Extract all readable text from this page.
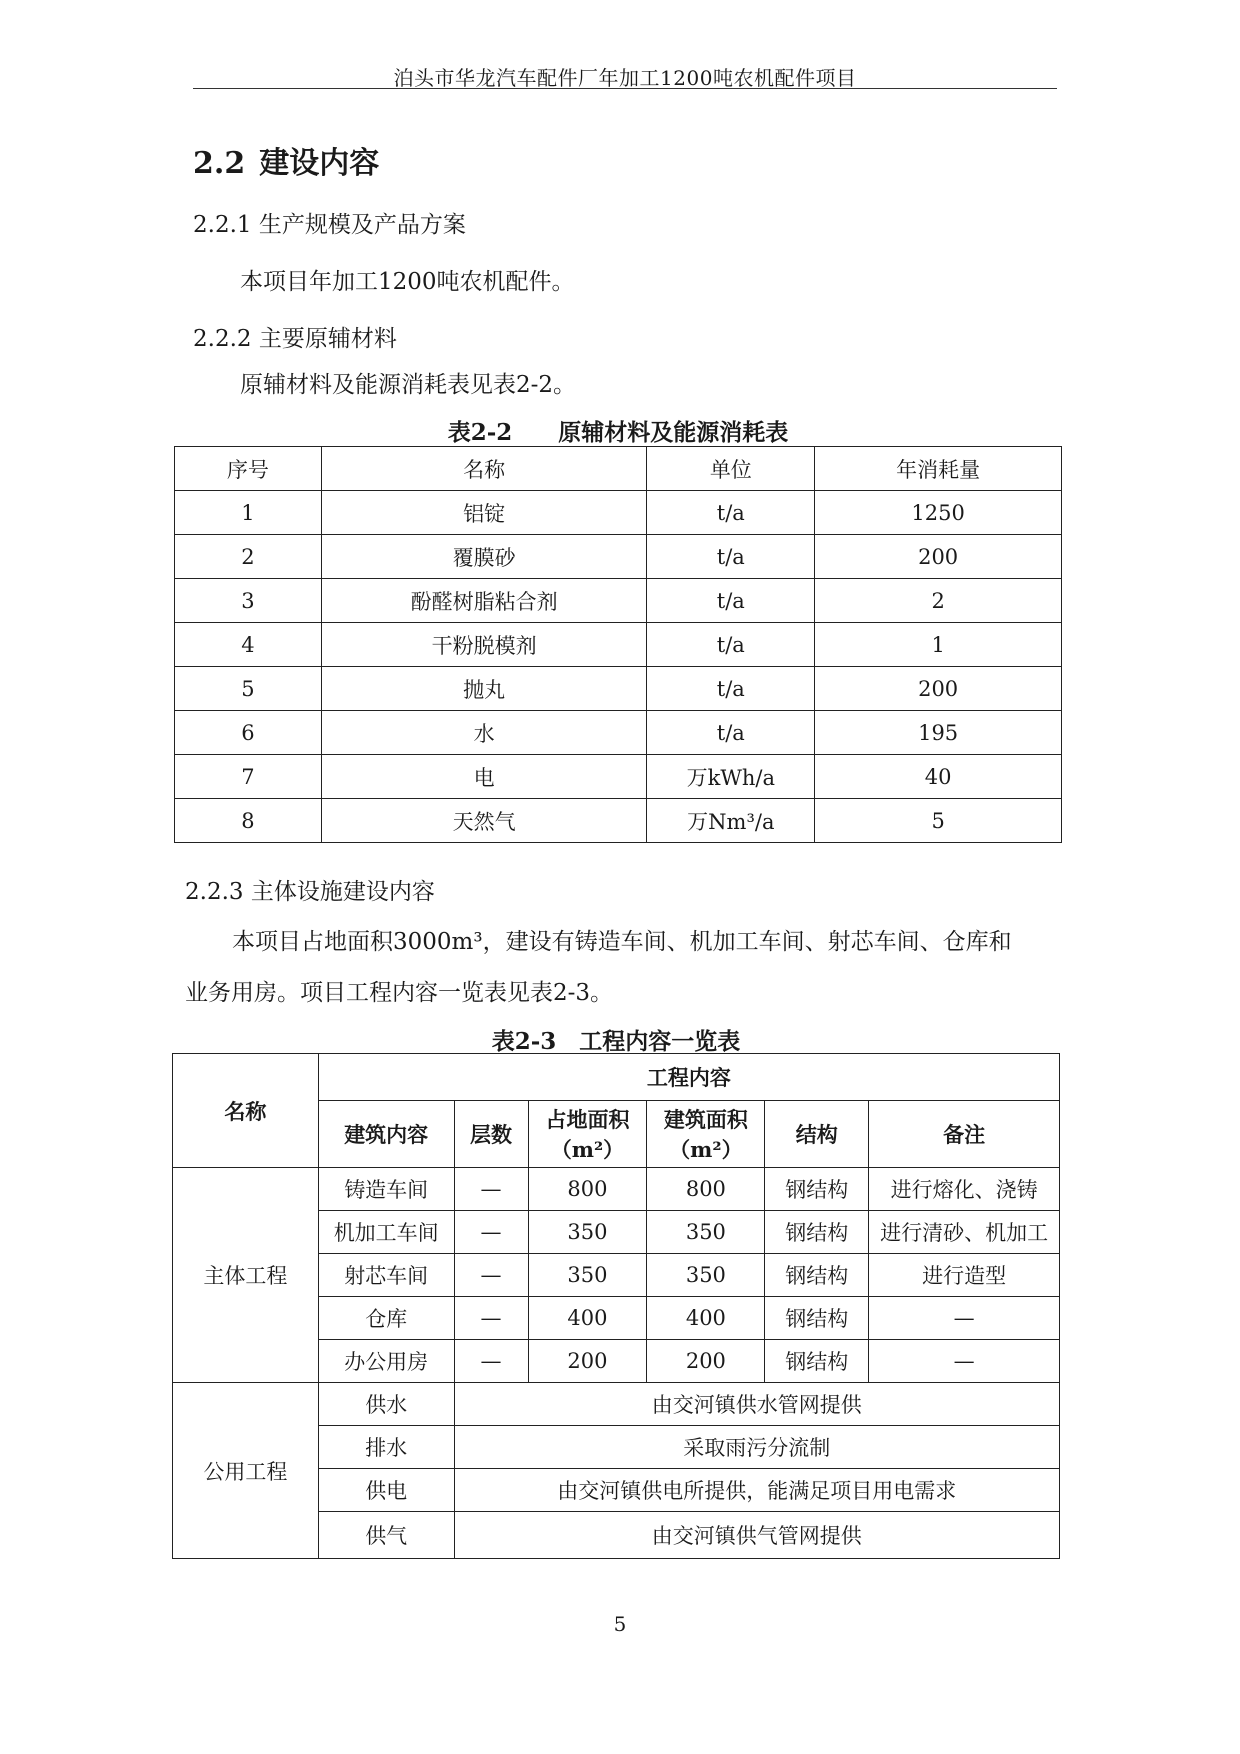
泊头市华龙汽车配件厂年加工1200吨农机配件项目
2.2 建设内容
2.2.1 生产规模及产品方案
本项目年加工1200吨农机配件。
2.2.2 主要原辅材料
原辅材料及能源消耗表见表2-2。
表2-2　　原辅材料及能源消耗表
序号	名称	单位	年消耗量
1	铝锭	t/a	1250
2	覆膜砂	t/a	200
3	酚醛树脂粘合剂	t/a	2
4	干粉脱模剂	t/a	1
5	抛丸	t/a	200
6	水	t/a	195
7	电	万kWh/a	40
8	天然气	万Nm³/a	5
2.2.3 主体设施建设内容
本项目占地面积3000m³，建设有铸造车间、机加工车间、射芯车间、仓库和
业务用房。项目工程内容一览表见表2-3。
表2-3　工程内容一览表
名称	工程内容					
	建筑内容	层数	占地面积（m²）	建筑面积（m²）	结构	备注
主体工程	铸造车间	—	800	800	钢结构	进行熔化、浇铸
	机加工车间	—	350	350	钢结构	进行清砂、机加工
	射芯车间	—	350	350	钢结构	进行造型
	仓库	—	400	400	钢结构	—
	办公用房	—	200	200	钢结构	—
公用工程	供水	由交河镇供水管网提供				
	排水	采取雨污分流制				
	供电	由交河镇供电所提供，能满足项目用电需求				
	供气	由交河镇供气管网提供				
5
